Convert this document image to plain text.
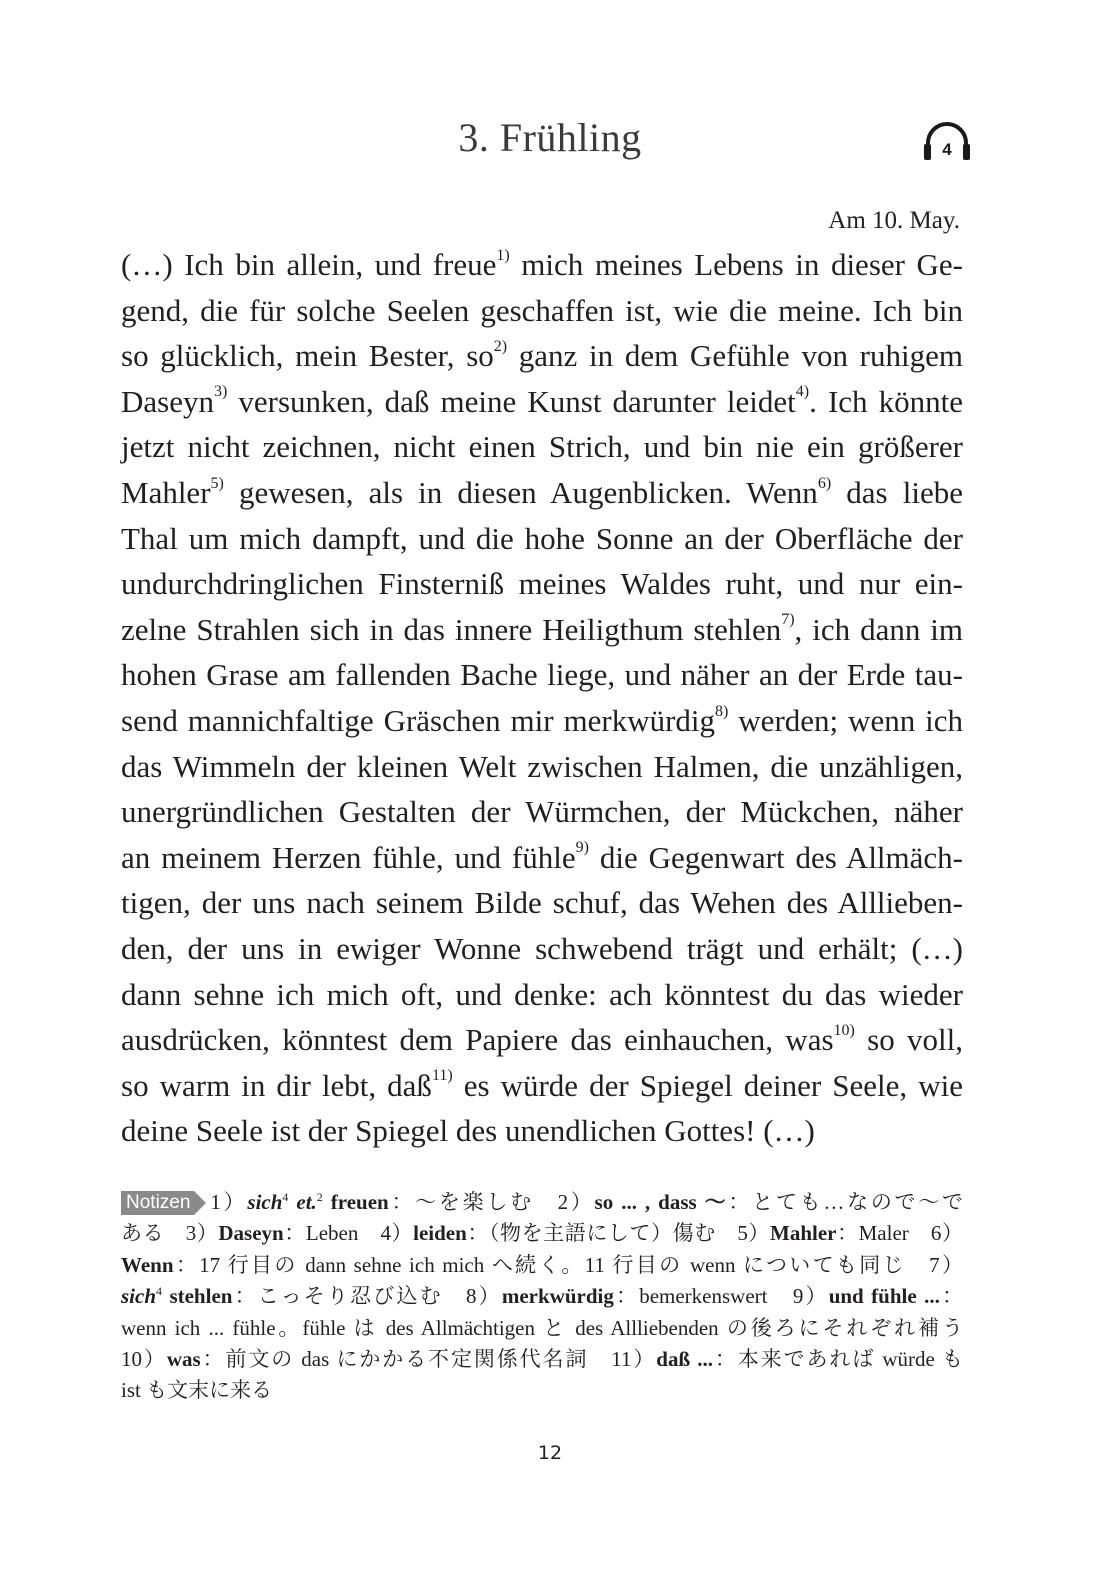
3. Frühling	4
Am 10. May.
(…) Ich bin allein, und freue$^{1)}$ mich meines Lebens in dieser Ge-
gend, die für solche Seelen geschaffen ist, wie die meine. Ich bin
so glücklich, mein Bester, $so^{2)}$ ganz in dem Gefühle von ruhigem
Daseyn$^{3)}$ versunken, daß meine Kunst darunter leidet$^{4)}$. Ich könnte
jetzt nicht zeichnen, nicht einen Strich, und bin nie ein größerer
Mahler$^{5)}$ gewesen, als in diesen Augenblicken. Wenn$^{6)}$ das liebe
Thal um mich dampft, und die hohe Sonne an der Oberfläche der
undurchdringlichen Finsterniß meines Waldes ruht, und nur ein-
zelne Strahlen sich in das innere Heiligthum stehlen$^{7)}$, ich dann im
hohen Grase am fallenden Bache liege, und näher an der Erde tau-
send mannichfaltige Gräschen mir merkwürdig$^{8)}$ werden; wenn ich
das Wimmeln der kleinen Welt zwischen Halmen, die unzähligen,
unergründlichen Gestalten der Würmchen, der Mückchen, näher
an meinem Herzen fühle, und fühle$^{9)}$ die Gegenwart des Allmäch-
tigen, der uns nach seinem Bilde schuf, das Wehen des Alllieben-
den, der uns in ewiger Wonne schwebend trägt und erhält; (…)
dann sehne ich mich oft, und denke: ach könntest du das wieder
ausdrücken, könntest dem Papiere das einhauchen, was$^{10)}$ so voll,
so warm in dir lebt, daß$^{11)}$ es würde der Spiegel deiner Seele, wie
deine Seele ist der Spiegel des unendlichen Gottes! (…)
Notizen 1）sich$^4$ et.$^2$ freuen：～を楽しむ　2）so ... , dass ～：とても…なので～で
ある　3）Daseyn：Leben　4）leiden：（物を主語にして）傷む　5）Mahler：Maler　6）
Wenn：17 行目の dann sehne ich mich へ続く。11 行目の wenn についても同じ　7）
sich$^4$ stehlen：こっそり忍び込む　8）merkwürdig：bemerkenswert　9）und fühle ...：
wenn ich ... fühle。fühle は des Allmächtigen と des Allliebenden の後ろにそれぞれ補う
10）was：前文の das にかかる不定関係代名詞　11）daß ...：本来であれば würde も
ist も文末に来る
12
